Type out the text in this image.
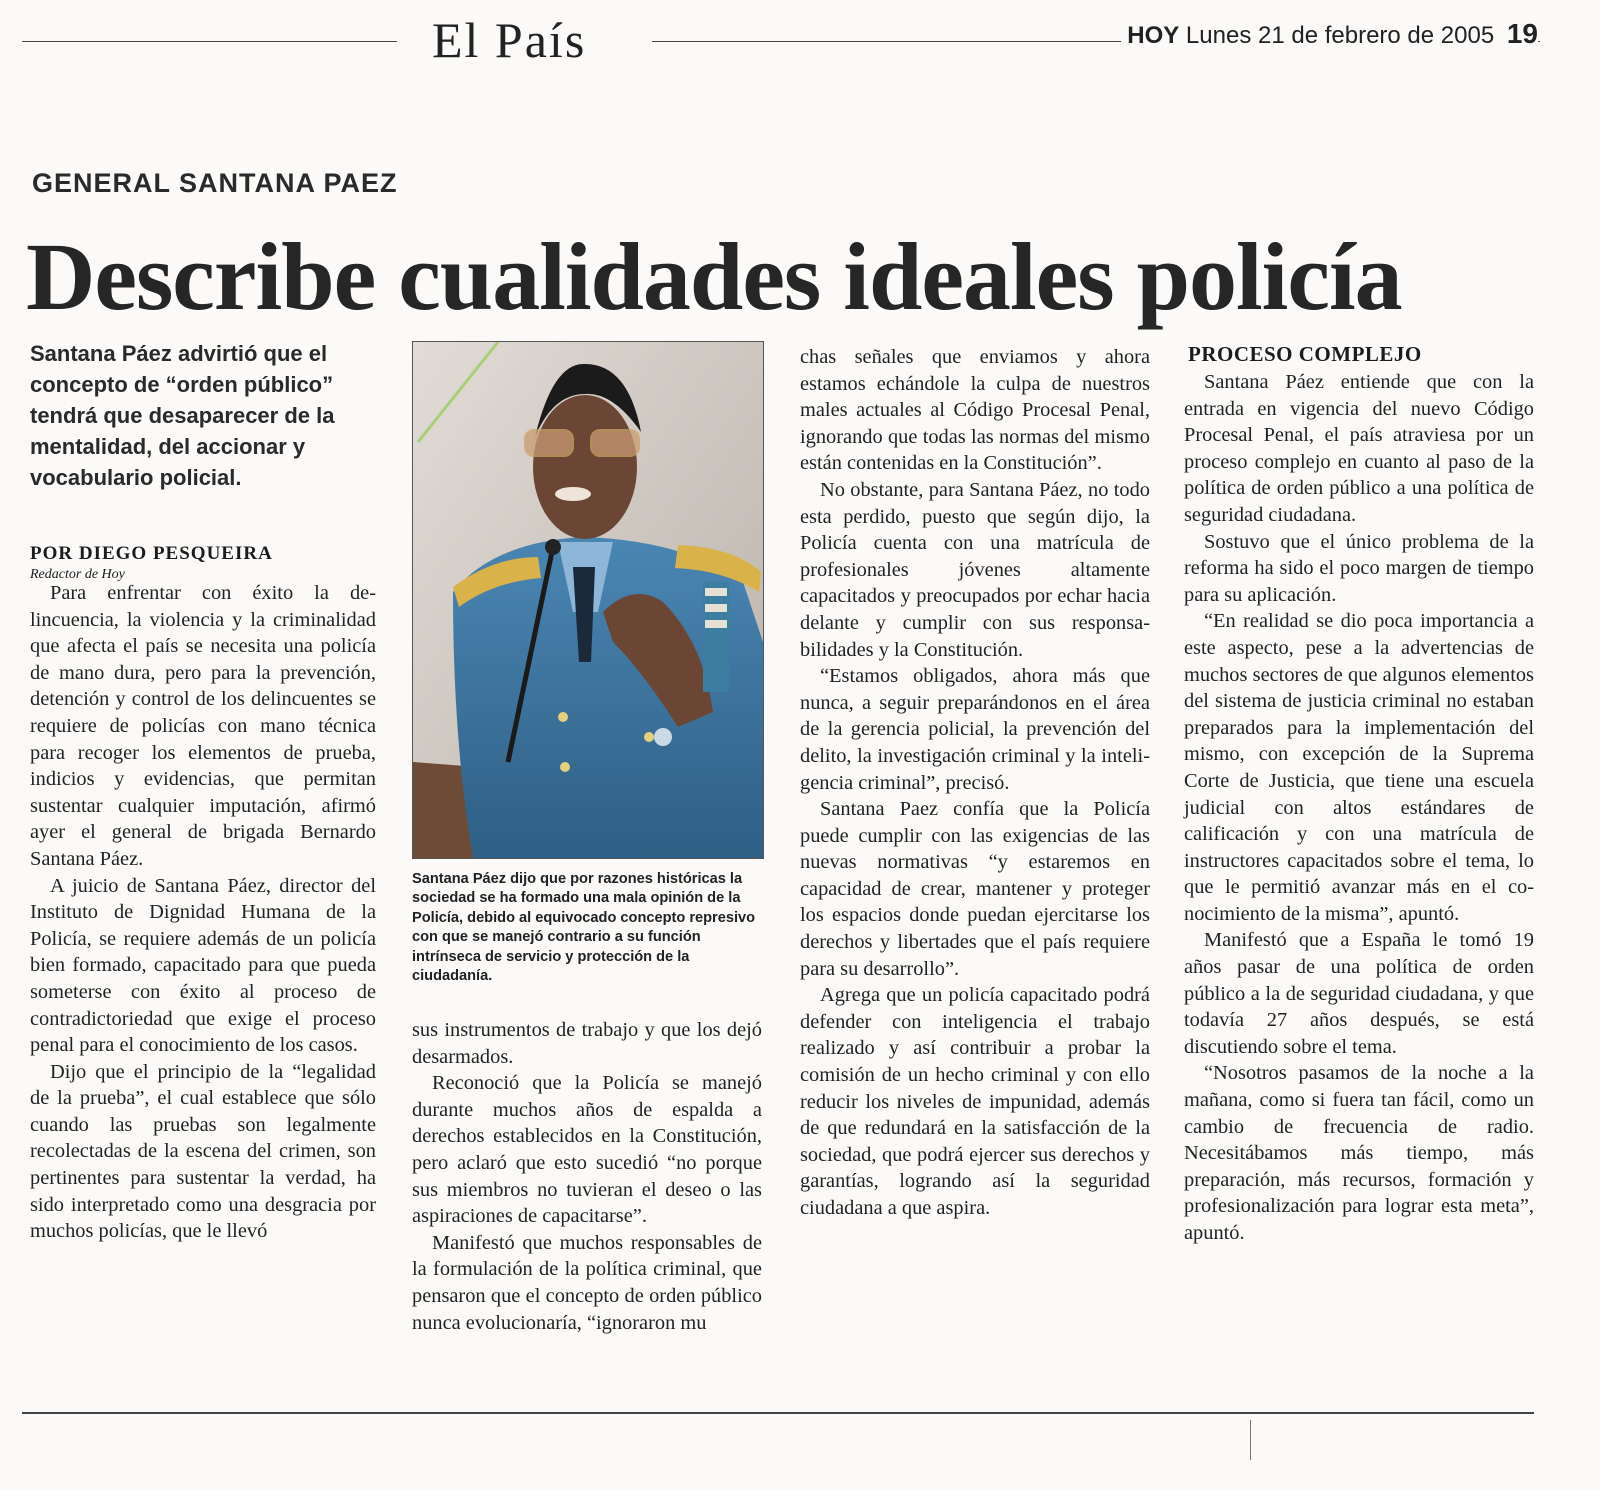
El País	HOY Lunes 21 de febrero de 2005 19
GENERAL SANTANA PAEZ
Describe cualidades ideales policía
Santana Páez advirtió que el concepto de “orden público” tendrá que desaparecer de la mentalidad, del accionar y vocabulario policial.
POR DIEGO PESQUEIRA
Redactor de Hoy

Para enfrentar con éxito la delincuencia, la violencia y la criminalidad que afecta el país se necesita una policía de mano dura, pero para la prevención, detención y control de los delincuentes se requiere de policías con mano técnica para recoger los elementos de prueba, indicios y evidencias, que permitan sustentar cualquier imputación, afirmó ayer el general de brigada Bernardo Santana Páez.

A juicio de Santana Páez, director del Instituto de Dignidad Humana de la Policía, se requiere además de un policía bien formado, capacitado para que pueda someterse con éxito al proceso de contradictoriedad que exige el proceso penal para el conocimiento de los casos.

Dijo que el principio de la “legalidad de la prueba”, el cual establece que sólo cuando las pruebas son legalmente recolectadas de la escena del crimen, son pertinentes para sustentar la verdad, ha sido interpretado como una desgracia por muchos policías, que le llevó

Santana Páez dijo que por razones históricas la sociedad se ha formado una mala opinión de la Policía, debido al equivocado concepto represivo con que se manejó contrario a su función intrínseca de servicio y protección de la ciudadanía.

sus instrumentos de trabajo y que los dejó desarmados.

Reconoció que la Policía se manejó durante muchos años de espalda a derechos establecidos en la Constitución, pero aclaró que esto sucedió “no porque sus miembros no tuvieran el deseo o las aspiraciones de capacitarse”.

Manifestó que muchos responsables de la formulación de la política criminal, que pensaron que el concepto de orden público nunca evolucionaría, “ignoraron mu

chas señales que enviamos y ahora estamos echándole la culpa de nuestros males actuales al Código Procesal Penal, ignorando que todas las normas del mismo están contenidas en la Constitución”.

No obstante, para Santana Páez, no todo esta perdido, puesto que según dijo, la Policía cuenta con una matrícula de profesionales jóvenes altamente capacitados y preocupados por echar hacia delante y cumplir con sus responsabilidades y la Constitución.

“Estamos obligados, ahora más que nunca, a seguir preparándonos en el área de la gerencia policial, la prevención del delito, la investigación criminal y la inteligencia criminal”, precisó.

Santana Paez confía que la Policía puede cumplir con las exigencias de las nuevas normativas “y estaremos en capacidad de crear, mantener y proteger los espacios donde puedan ejercitarse los derechos y libertades que el país requiere para su desarrollo”.

Agrega que un policía capacitado podrá defender con inteligencia el trabajo realizado y así contribuir a probar la comisión de un hecho criminal y con ello reducir los niveles de impunidad, además de que redundará en la satisfacción de la sociedad, que podrá ejercer sus derechos y garantías, logrando así la seguridad ciudadana a que aspira.

PROCESO COMPLEJO

Santana Páez entiende que con la entrada en vigencia del nuevo Código Procesal Penal, el país atraviesa por un proceso complejo en cuanto al paso de la política de orden público a una política de seguridad ciudadana.

Sostuvo que el único problema de la reforma ha sido el poco margen de tiempo para su aplicación.

“En realidad se dio poca importancia a este aspecto, pese a la advertencias de muchos sectores de que algunos elementos del sistema de justicia criminal no estaban preparados para la implementación del mismo, con excepción de la Suprema Corte de Justicia, que tiene una escuela judicial con altos estándares de calificación y con una matrícula de instructores capacitados sobre el tema, lo que le permitió avanzar más en el conocimiento de la misma”, apuntó.

Manifestó que a España le tomó 19 años pasar de una política de orden público a la de seguridad ciudadana, y que todavía 27 años después, se está discutiendo sobre el tema.

“Nosotros pasamos de la noche a la mañana, como si fuera tan fácil, como un cambio de frecuencia de radio. Necesitábamos más tiempo, más preparación, más recursos, formación y profesionalización para lograr esta meta”, apuntó.
